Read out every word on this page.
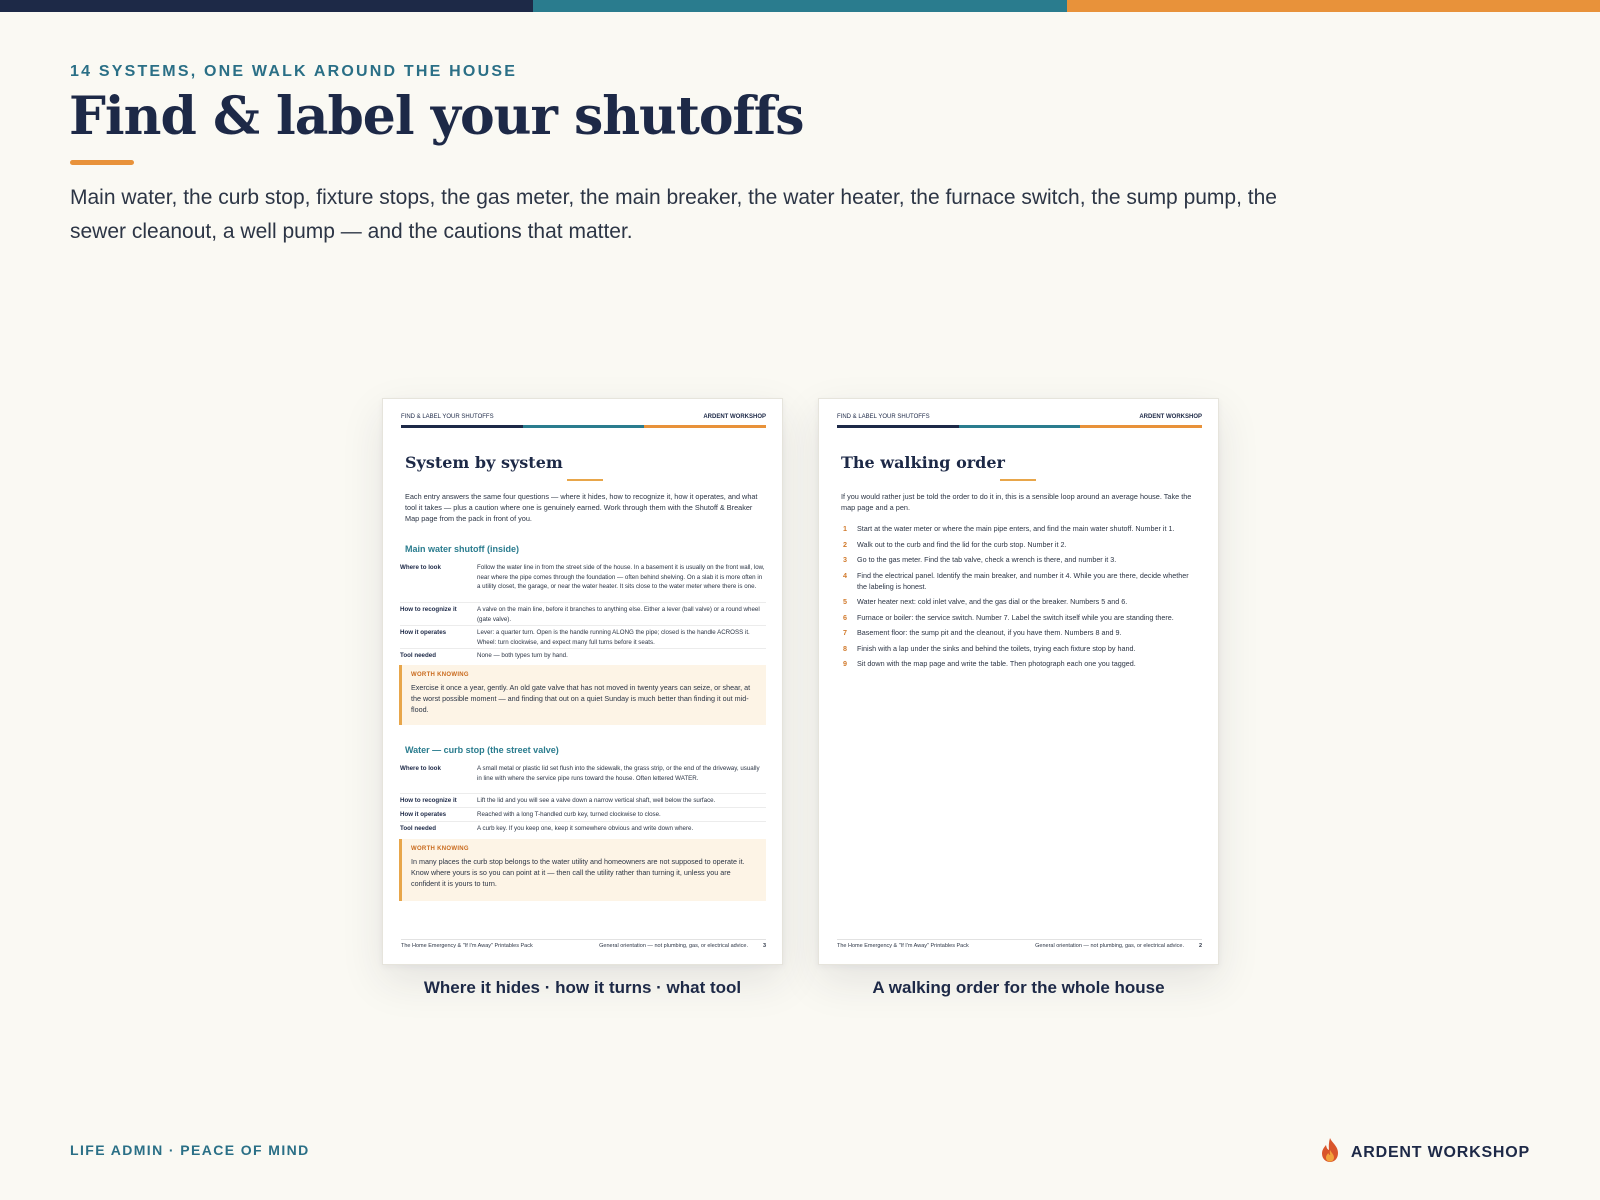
14 SYSTEMS, ONE WALK AROUND THE HOUSE
Find & label your shutoffs

Main water, the curb stop, fixture stops, the gas meter, the main breaker, the water heater, the furnace switch, the sump pump, the sewer cleanout, a well pump — and the cautions that matter.

FIND & LABEL YOUR SHUTOFFS	ARDENT WORKSHOP
System by system

Each entry answers the same four questions — where it hides, how to recognize it, how it operates, and what tool it takes — plus a caution where one is genuinely earned. Work through them with the Shutoff & Breaker Map page from the pack in front of you.

Main water shutoff (inside)
Where to look	Follow the water line in from the street side of the house. In a basement it is usually on the front wall, low, near where the pipe comes through the foundation — often behind shelving. On a slab it is more often in a utility closet, the garage, or near the water heater. It sits close to the water meter where there is one.
How to recognize it	A valve on the main line, before it branches to anything else. Either a lever (ball valve) or a round wheel (gate valve).
How it operates	Lever: a quarter turn. Open is the handle running ALONG the pipe; closed is the handle ACROSS it. Wheel: turn clockwise, and expect many full turns before it seats.
Tool needed	None — both types turn by hand.
WORTH KNOWING
Exercise it once a year, gently. An old gate valve that has not moved in twenty years can seize, or shear, at the worst possible moment — and finding that out on a quiet Sunday is much better than finding it out mid-flood.
Water — curb stop (the street valve)
Where to look	A small metal or plastic lid set flush into the sidewalk, the grass strip, or the end of the driveway, usually in line with where the service pipe runs toward the house. Often lettered WATER.
How to recognize it	Lift the lid and you will see a valve down a narrow vertical shaft, well below the surface.
How it operates	Reached with a long T-handled curb key, turned clockwise to close.
Tool needed	A curb key. If you keep one, keep it somewhere obvious and write down where.
WORTH KNOWING
In many places the curb stop belongs to the water utility and homeowners are not supposed to operate it. Know where yours is so you can point at it — then call the utility rather than turning it, unless you are confident it is yours to turn.
The Home Emergency & "If I'm Away" Printables Pack	General orientation — not plumbing, gas, or electrical advice.	3
Where it hides · how it turns · what tool
FIND & LABEL YOUR SHUTOFFS	ARDENT WORKSHOP
The walking order

If you would rather just be told the order to do it in, this is a sensible loop around an average house. Take the map page and a pen.

1	Start at the water meter or where the main pipe enters, and find the main water shutoff. Number it 1.
2	Walk out to the curb and find the lid for the curb stop. Number it 2.
3	Go to the gas meter. Find the tab valve, check a wrench is there, and number it 3.
4	Find the electrical panel. Identify the main breaker, and number it 4. While you are there, decide whether the labeling is honest.
5	Water heater next: cold inlet valve, and the gas dial or the breaker. Numbers 5 and 6.
6	Furnace or boiler: the service switch. Number 7. Label the switch itself while you are standing there.
7	Basement floor: the sump pit and the cleanout, if you have them. Numbers 8 and 9.
8	Finish with a lap under the sinks and behind the toilets, trying each fixture stop by hand.
9	Sit down with the map page and write the table. Then photograph each one you tagged.
The Home Emergency & "If I'm Away" Printables Pack	General orientation — not plumbing, gas, or electrical advice.	2
A walking order for the whole house
LIFE ADMIN · PEACE OF MIND	ARDENT WORKSHOP
